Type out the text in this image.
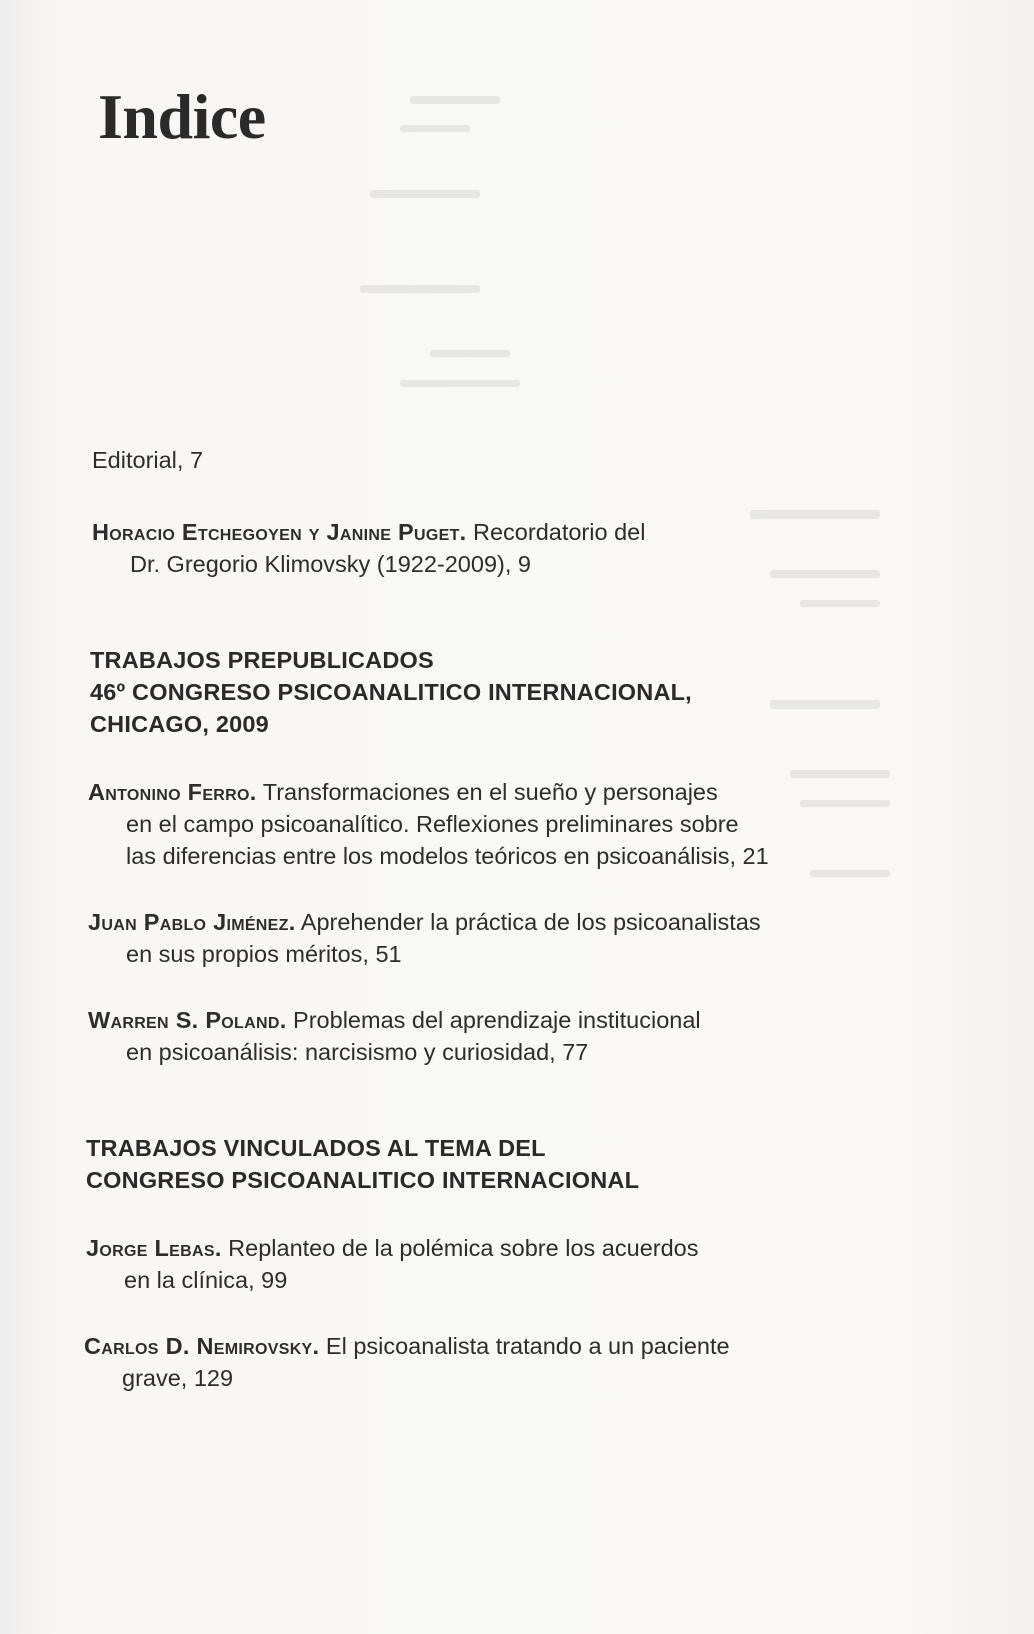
Indice
Editorial, 7
Horacio Etchegoyen y Janine Puget. Recordatorio del
Dr. Gregorio Klimovsky (1922-2009), 9
TRABAJOS PREPUBLICADOS
46º CONGRESO PSICOANALITICO INTERNACIONAL,
CHICAGO, 2009
Antonino Ferro. Transformaciones en el sueño y personajes
en el campo psicoanalítico. Reflexiones preliminares sobre
las diferencias entre los modelos teóricos en psicoanálisis, 21
Juan Pablo Jiménez. Aprehender la práctica de los psicoanalistas
en sus propios méritos, 51
Warren S. Poland. Problemas del aprendizaje institucional
en psicoanálisis: narcisismo y curiosidad, 77
TRABAJOS VINCULADOS AL TEMA DEL
CONGRESO PSICOANALITICO INTERNACIONAL
Jorge Lebas. Replanteo de la polémica sobre los acuerdos
en la clínica, 99
Carlos D. Nemirovsky. El psicoanalista tratando a un paciente
grave, 129
